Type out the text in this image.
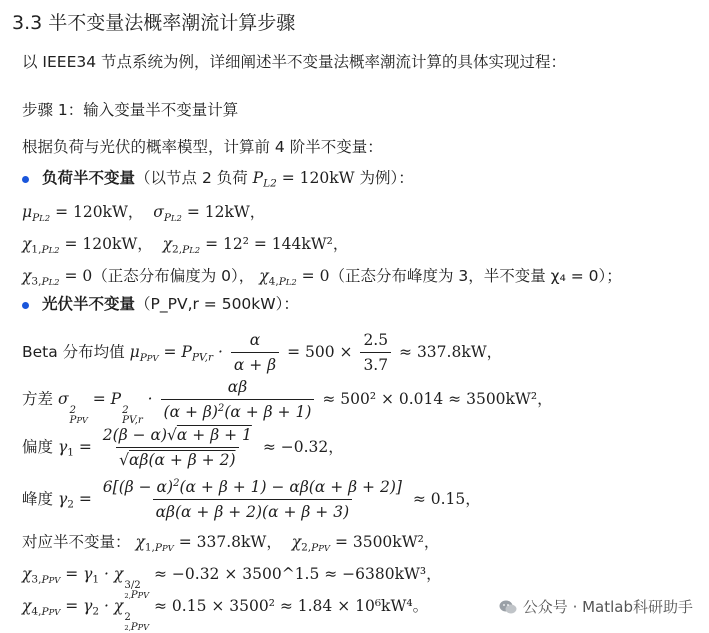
3.3 半不变量法概率潮流计算步骤
以 IEEE34 节点系统为例，详细阐述半不变量法概率潮流计算的具体实现过程：
步骤 1：输入变量半不变量计算
根据负荷与光伏的概率模型，计算前 4 阶半不变量：
负荷半不变量（以节点 2 负荷 $P_{L2} = 120kW$ 为例）：
$\mu_{PL2} = 120kW$，  $\sigma_{PL2} = 12kW$，
$\chi_{1,PL2} = 120kW$，  $\chi_{2,PL2} = 12^2 = 144kW^2$，
$\chi_{3,PL2} = 0$（正态分布偏度为 0）， $\chi_{4,PL2} = 0$（正态分布峰度为 3，半不变量 χ₄ = 0）；
光伏半不变量（P_PV,r = 500kW）：
Beta 分布均值 $\mu_{PPV} = P_{PV,r} \cdot \frac{\alpha}{\alpha + \beta} = 500 \times \frac{2.5}{3.7} \approx 337.8kW$，
方差 σ
2
PPV
= P
2
PV,r
· $\frac{\alpha\beta}{(\alpha + \beta)^2(\alpha + \beta + 1)} \approx 500^2 \times 0.014 \approx 3500kW^2$，
偏度 $\gamma_1 = \frac{2(\beta - \alpha)√\alpha + \beta + 1}{√\alpha\beta(\alpha + \beta + 2)} \approx -0.32$，
峰度 $\gamma_2 = \frac{6[(\beta - \alpha)^2(\alpha + \beta + 1) - \alpha\beta(\alpha + \beta + 2)]}{\alpha\beta(\alpha + \beta + 2)(\alpha + \beta + 3)} \approx 0.15$，
对应半不变量： $\chi_{1,PPV} = 337.8kW$， $\chi_{2,PPV} = 3500kW^2$，
$\chi_{3,PPV} = \gamma_1 \cdot \chi$
3/2
2,PPV
≈ −0.32 × 3500^1.5 ≈ −6380kW³，
$\chi_{4,PPV} = \gamma_2 \cdot \chi$
2
2,PPV
≈ 0.15 × 3500² ≈ 1.84 × 10⁶kW⁴。	公众号 · Matlab科研助手
